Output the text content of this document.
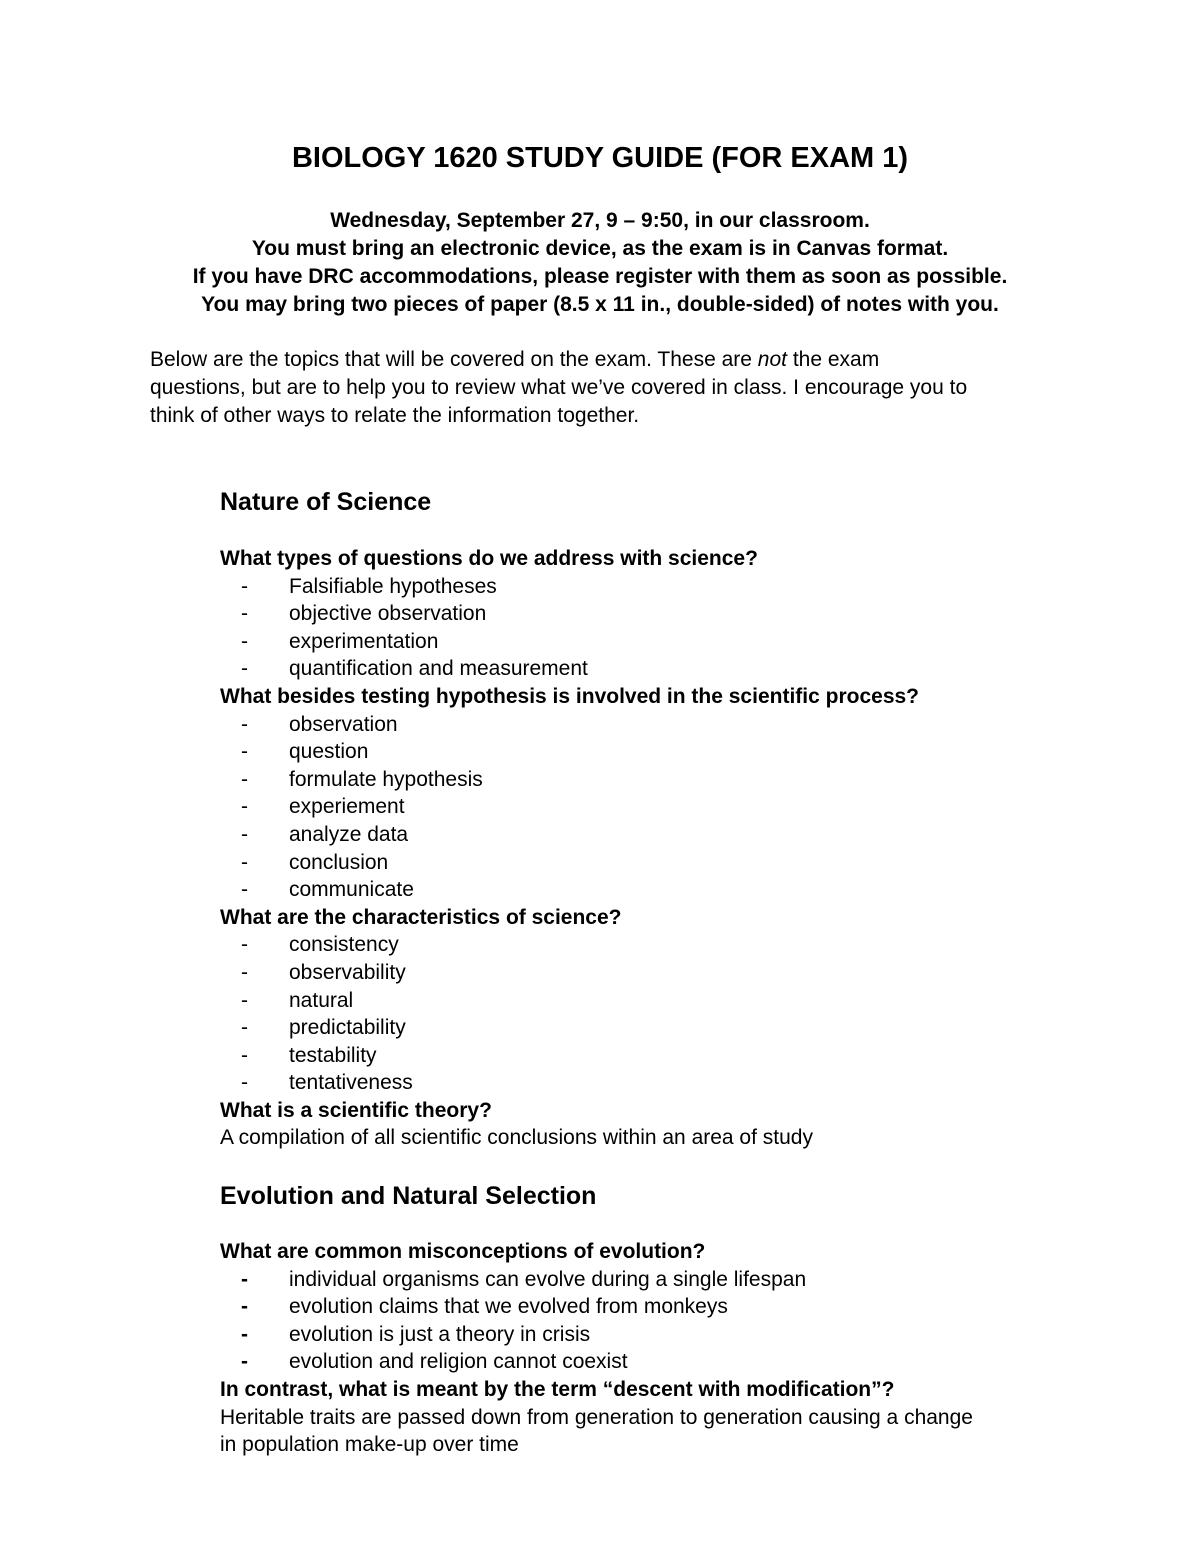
BIOLOGY 1620 STUDY GUIDE (FOR EXAM 1)
Wednesday, September 27, 9 – 9:50, in our classroom.
You must bring an electronic device, as the exam is in Canvas format.
If you have DRC accommodations, please register with them as soon as possible.
You may bring two pieces of paper (8.5 x 11 in., double-sided) of notes with you.
Below are the topics that will be covered on the exam. These are not the exam
questions, but are to help you to review what we’ve covered in class. I encourage you to
think of other ways to relate the information together.
Nature of Science
What types of questions do we address with science?
- Falsifiable hypotheses
- objective observation
- experimentation
- quantification and measurement
What besides testing hypothesis is involved in the scientific process?
- observation
- question
- formulate hypothesis
- experiement
- analyze data
- conclusion
- communicate
What are the characteristics of science?
- consistency
- observability
- natural
- predictability
- testability
- tentativeness
What is a scientific theory?
A compilation of all scientific conclusions within an area of study
Evolution and Natural Selection
What are common misconceptions of evolution?
- individual organisms can evolve during a single lifespan
- evolution claims that we evolved from monkeys
- evolution is just a theory in crisis
- evolution and religion cannot coexist
In contrast, what is meant by the term “descent with modification”?
Heritable traits are passed down from generation to generation causing a change
in population make-up over time
